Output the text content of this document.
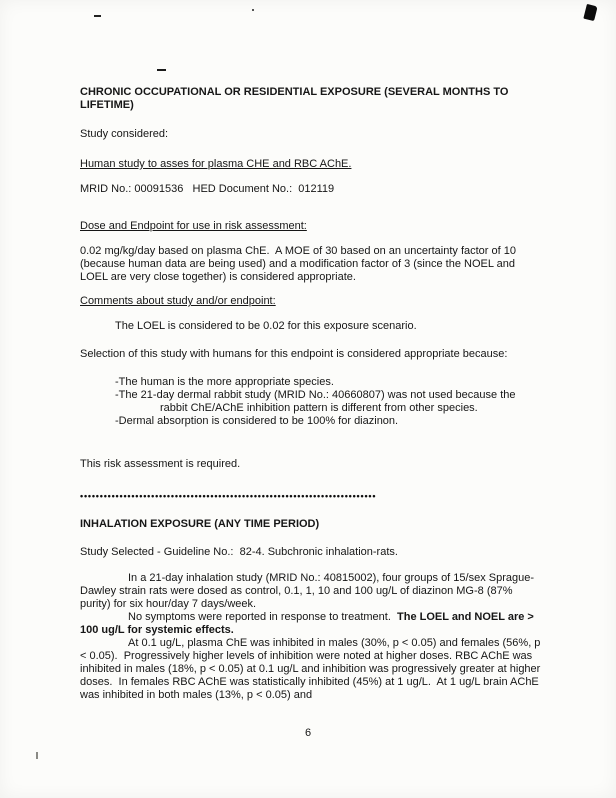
CHRONIC OCCUPATIONAL OR RESIDENTIAL EXPOSURE (SEVERAL MONTHS TO LIFETIME)
Study considered:
Human study to asses for plasma CHE and RBC AChE.
MRID No.: 00091536   HED Document No.:  012119
Dose and Endpoint for use in risk assessment:
0.02 mg/kg/day based on plasma ChE.  A MOE of 30 based on an uncertainty factor of 10 (because human data are being used) and a modification factor of 3 (since the NOEL and LOEL are very close together) is considered appropriate.
Comments about study and/or endpoint:
The LOEL is considered to be 0.02 for this exposure scenario.
Selection of this study with humans for this endpoint is considered appropriate because:
-The human is the more appropriate species.
-The 21-day dermal rabbit study (MRID No.: 40660807) was not used because the rabbit ChE/AChE inhibition pattern is different from other species.
-Dermal absorption is considered to be 100% for diazinon.
This risk assessment is required.
•••••••••••••••••••••••••••••••••••••••••••••••••••••••••••••••••••••••••••
INHALATION EXPOSURE (ANY TIME PERIOD)
Study Selected - Guideline No.:  82-4. Subchronic inhalation-rats.
In a 21-day inhalation study (MRID No.: 40815002), four groups of 15/sex Sprague-Dawley strain rats were dosed as control, 0.1, 1, 10 and 100 ug/L of diazinon MG-8 (87% purity) for six hour/day 7 days/week.
No symptoms were reported in response to treatment.  The LOEL and NOEL are > 100 ug/L for systemic effects.
At 0.1 ug/L, plasma ChE was inhibited in males (30%, p < 0.05) and females (56%, p < 0.05).  Progressively higher levels of inhibition were noted at higher doses. RBC AChE was inhibited in males (18%, p < 0.05) at 0.1 ug/L and inhibition was progressively greater at higher doses.  In females RBC AChE was statistically inhibited (45%) at 1 ug/L.  At 1 ug/L brain AChE was inhibited in both males (13%, p < 0.05) and
6
